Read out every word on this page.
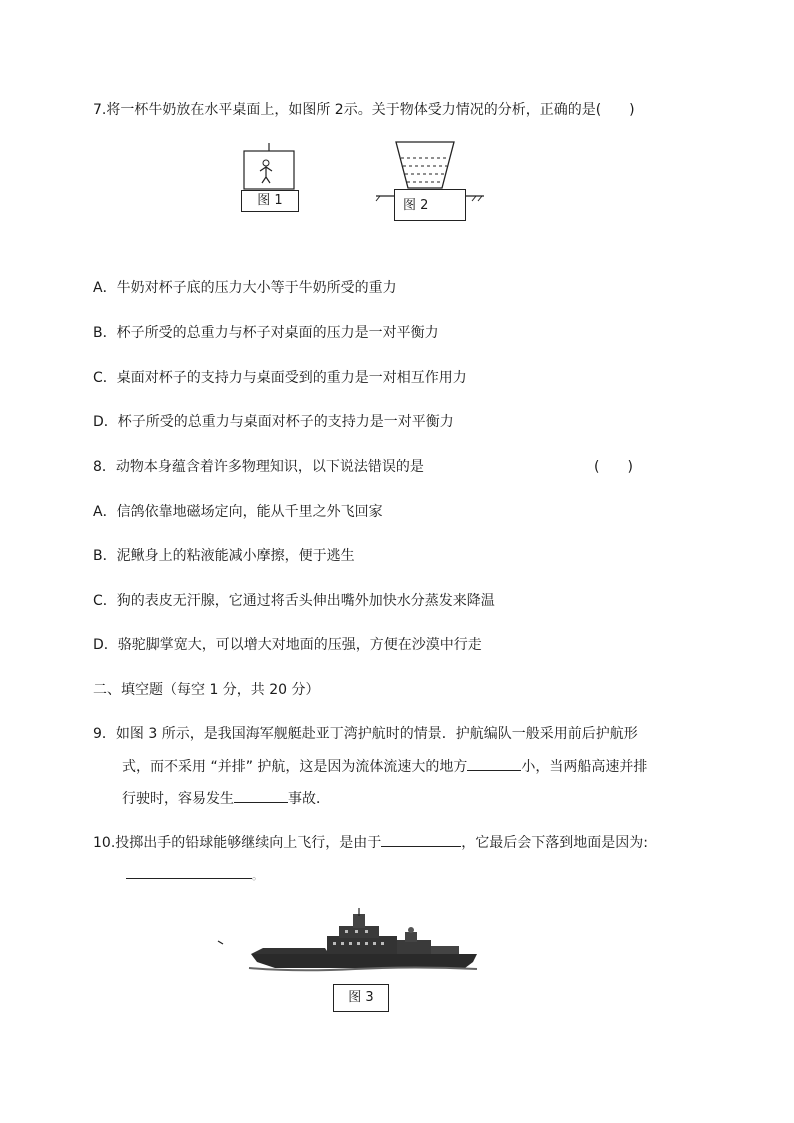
7.将一杯牛奶放在水平桌面上，如图所 2示。关于物体受力情况的分析，正确的是(　　)
图 1	图 2
A．牛奶对杯子底的压力大小等于牛奶所受的重力
B．杯子所受的总重力与杯子对桌面的压力是一对平衡力
C．桌面对杯子的支持力与桌面受到的重力是一对相互作用力
D．杯子所受的总重力与桌面对杯子的支持力是一对平衡力
8．动物本身蕴含着许多物理知识，以下说法错误的是	(　　)
A．信鸽依靠地磁场定向，能从千里之外飞回家
B．泥鳅身上的粘液能减小摩擦，便于逃生
C．狗的表皮无汗腺，它通过将舌头伸出嘴外加快水分蒸发来降温
D．骆驼脚掌宽大，可以增大对地面的压强，方便在沙漠中行走
二、填空题（每空 1 分，共 20 分）
9．如图 3 所示，是我国海军舰艇赴亚丁湾护航时的情景．护航编队一般采用前后护航形
式，而不采用 “并排” 护航，这是因为流体流速大的地方	小，当两船高速并排
行驶时，容易发生	事故．
10.投掷出手的铅球能够继续向上飞行，是由于	，它最后会下落到地面是因为:
。
图 3
